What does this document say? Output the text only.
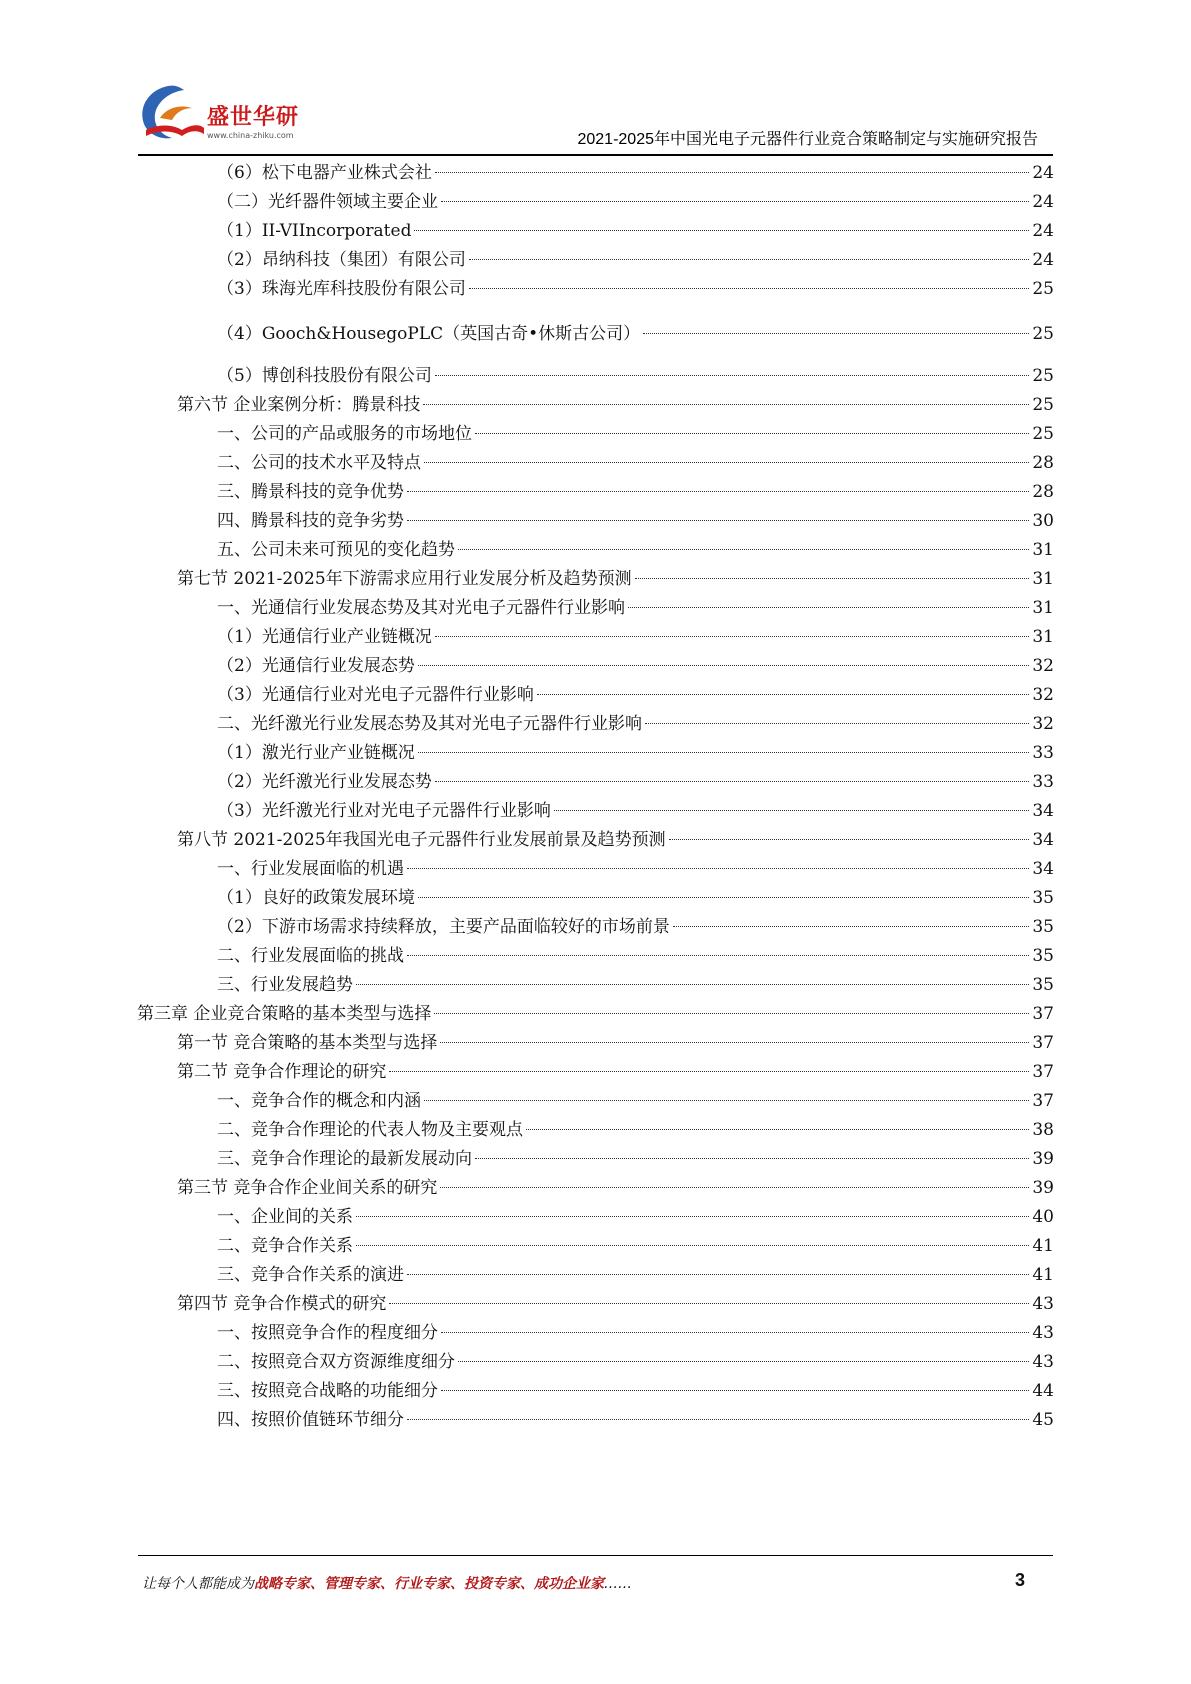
盛世华研
www.china-zhiku.com	2021-2025年中国光电子元器件行业竞合策略制定与实施研究报告
（6）松下电器产业株式会社	24
（二）光纤器件领域主要企业	24
（1）II-VIIncorporated	24
（2）昂纳科技（集团）有限公司	24
（3）珠海光库科技股份有限公司	25
（4）Gooch&HousegoPLC（英国古奇•休斯古公司）	25
（5）博创科技股份有限公司	25
第六节 企业案例分析：腾景科技	25
一、公司的产品或服务的市场地位	25
二、公司的技术水平及特点	28
三、腾景科技的竞争优势	28
四、腾景科技的竞争劣势	30
五、公司未来可预见的变化趋势	31
第七节 2021-2025年下游需求应用行业发展分析及趋势预测	31
一、光通信行业发展态势及其对光电子元器件行业影响	31
（1）光通信行业产业链概况	31
（2）光通信行业发展态势	32
（3）光通信行业对光电子元器件行业影响	32
二、光纤激光行业发展态势及其对光电子元器件行业影响	32
（1）激光行业产业链概况	33
（2）光纤激光行业发展态势	33
（3）光纤激光行业对光电子元器件行业影响	34
第八节 2021-2025年我国光电子元器件行业发展前景及趋势预测	34
一、行业发展面临的机遇	34
（1）良好的政策发展环境	35
（2）下游市场需求持续释放，主要产品面临较好的市场前景	35
二、行业发展面临的挑战	35
三、行业发展趋势	35
第三章 企业竞合策略的基本类型与选择	37
第一节 竞合策略的基本类型与选择	37
第二节 竞争合作理论的研究	37
一、竞争合作的概念和内涵	37
二、竞争合作理论的代表人物及主要观点	38
三、竞争合作理论的最新发展动向	39
第三节 竞争合作企业间关系的研究	39
一、企业间的关系	40
二、竞争合作关系	41
三、竞争合作关系的演进	41
第四节 竞争合作模式的研究	43
一、按照竞争合作的程度细分	43
二、按照竞合双方资源维度细分	43
三、按照竞合战略的功能细分	44
四、按照价值链环节细分	45
让每个人都能成为战略专家、管理专家、行业专家、投资专家、成功企业家……	3
